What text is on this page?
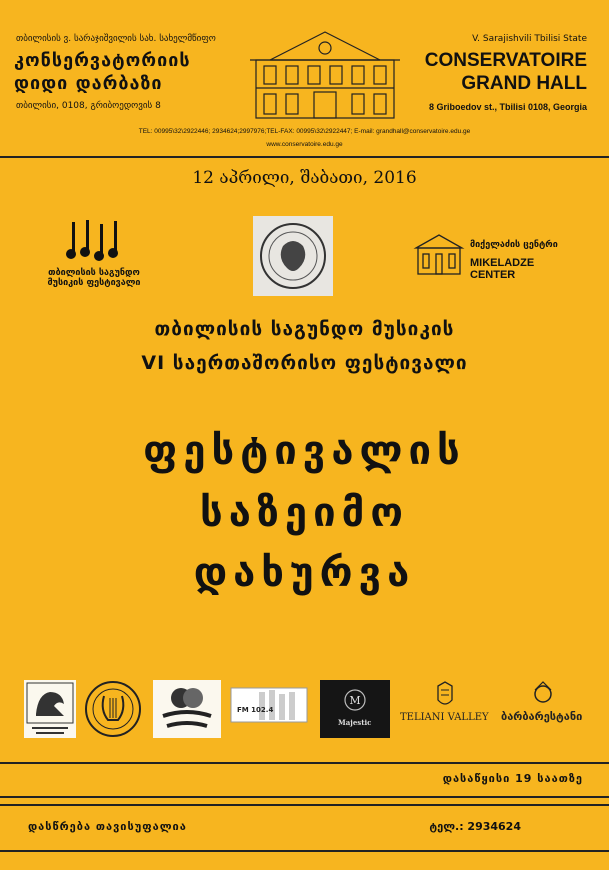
თბილისის ვ. სარაჯიშვილის სახ. სახელმწიფო
კონსერვატორიის
დიდი დარბაზი
თბილისი, 0108, გრიბოედოვის 8
V. Sarajishvili Tbilisi State
CONSERVATOIRE
GRAND HALL
8 Griboedov st., Tbilisi 0108, Georgia
TEL: 00995\32\2922446; 2934624;2997976;TEL-FAX: 00995\32\2922447; E-mail: grandhall@conservatoire.edu.ge
www.conservatoire.edu.ge
12 აპრილი, შაბათი, 2016
თბილისის საგუნდო
მუსიკის ფესტივალი
მიქელაძის ცენტრი
MIKELADZE CENTER
თბილისის საგუნდო მუსიკის
VI საერთაშორისო ფესტივალი
ფესტივალის
საზეიმო
დახურვა
FM 102.4
M
Majestic	TELIANI VALLEY ბარბარესტანი
დასაწყისი 19 საათზე
დასწრება თავისუფალია	ტელ.: 2934624
